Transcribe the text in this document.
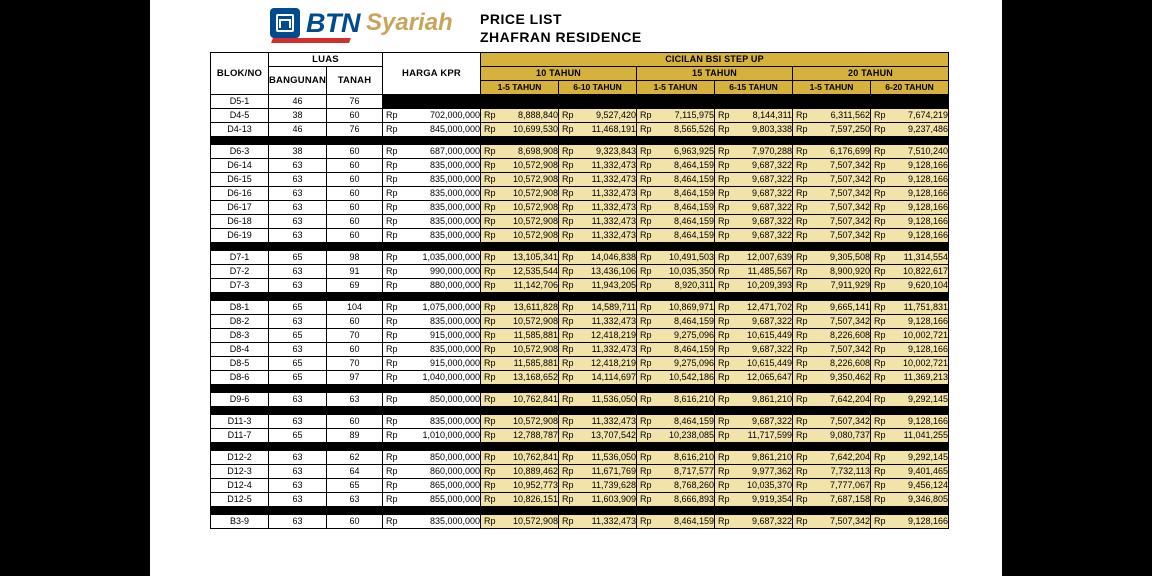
BTN Syariah PRICE LIST
ZHAFRAN RESIDENCE
BLOK/NO	LUAS		HARGA KPR	CICILAN BSI STEP UP					
	BANGUNAN	TANAH		10 TAHUN		15 TAHUN		20 TAHUN	
				1-5 TAHUN	6-10 TAHUN	1-5 TAHUN	6-15 TAHUN	1-5 TAHUN	6-20 TAHUN
D5-1	46	76							
D4-5	38	60	Rp 702,000,000	Rp 8,888,840	Rp 9,527,420	Rp 7,115,975	Rp 8,144,311	Rp 6,311,562	Rp 7,674,219
D4-13	46	76	Rp 845,000,000	Rp 10,699,530	Rp 11,468,191	Rp 8,565,526	Rp 9,803,338	Rp 7,597,250	Rp 9,237,486

D6-3	38	60	Rp 687,000,000	Rp 8,698,908	Rp 9,323,843	Rp 6,963,925	Rp 7,970,288	Rp 6,176,699	Rp 7,510,240
D6-14	63	60	Rp 835,000,000	Rp 10,572,908	Rp 11,332,473	Rp 8,464,159	Rp 9,687,322	Rp 7,507,342	Rp 9,128,166
D6-15	63	60	Rp 835,000,000	Rp 10,572,908	Rp 11,332,473	Rp 8,464,159	Rp 9,687,322	Rp 7,507,342	Rp 9,128,166
D6-16	63	60	Rp 835,000,000	Rp 10,572,908	Rp 11,332,473	Rp 8,464,159	Rp 9,687,322	Rp 7,507,342	Rp 9,128,166
D6-17	63	60	Rp 835,000,000	Rp 10,572,908	Rp 11,332,473	Rp 8,464,159	Rp 9,687,322	Rp 7,507,342	Rp 9,128,166
D6-18	63	60	Rp 835,000,000	Rp 10,572,908	Rp 11,332,473	Rp 8,464,159	Rp 9,687,322	Rp 7,507,342	Rp 9,128,166
D6-19	63	60	Rp 835,000,000	Rp 10,572,908	Rp 11,332,473	Rp 8,464,159	Rp 9,687,322	Rp 7,507,342	Rp 9,128,166

D7-1	65	98	Rp 1,035,000,000	Rp 13,105,341	Rp 14,046,838	Rp 10,491,503	Rp 12,007,639	Rp 9,305,508	Rp 11,314,554
D7-2	63	91	Rp 990,000,000	Rp 12,535,544	Rp 13,436,106	Rp 10,035,350	Rp 11,485,567	Rp 8,900,920	Rp 10,822,617
D7-3	63	69	Rp 880,000,000	Rp 11,142,706	Rp 11,943,205	Rp 8,920,311	Rp 10,209,393	Rp 7,911,929	Rp 9,620,104

D8-1	65	104	Rp 1,075,000,000	Rp 13,611,828	Rp 14,589,711	Rp 10,869,971	Rp 12,471,702	Rp 9,665,141	Rp 11,751,831
D8-2	63	60	Rp 835,000,000	Rp 10,572,908	Rp 11,332,473	Rp 8,464,159	Rp 9,687,322	Rp 7,507,342	Rp 9,128,166
D8-3	65	70	Rp 915,000,000	Rp 11,585,881	Rp 12,418,219	Rp 9,275,096	Rp 10,615,449	Rp 8,226,608	Rp 10,002,721
D8-4	63	60	Rp 835,000,000	Rp 10,572,908	Rp 11,332,473	Rp 8,464,159	Rp 9,687,322	Rp 7,507,342	Rp 9,128,166
D8-5	65	70	Rp 915,000,000	Rp 11,585,881	Rp 12,418,219	Rp 9,275,096	Rp 10,615,449	Rp 8,226,608	Rp 10,002,721
D8-6	65	97	Rp 1,040,000,000	Rp 13,168,652	Rp 14,114,697	Rp 10,542,186	Rp 12,065,647	Rp 9,350,462	Rp 11,369,213

D9-6	63	63	Rp 850,000,000	Rp 10,762,841	Rp 11,536,050	Rp 8,616,210	Rp 9,861,210	Rp 7,642,204	Rp 9,292,145

D11-3	63	60	Rp 835,000,000	Rp 10,572,908	Rp 11,332,473	Rp 8,464,159	Rp 9,687,322	Rp 7,507,342	Rp 9,128,166
D11-7	65	89	Rp 1,010,000,000	Rp 12,788,787	Rp 13,707,542	Rp 10,238,085	Rp 11,717,599	Rp 9,080,737	Rp 11,041,255

D12-2	63	62	Rp 850,000,000	Rp 10,762,841	Rp 11,536,050	Rp 8,616,210	Rp 9,861,210	Rp 7,642,204	Rp 9,292,145
D12-3	63	64	Rp 860,000,000	Rp 10,889,462	Rp 11,671,769	Rp 8,717,577	Rp 9,977,362	Rp 7,732,113	Rp 9,401,465
D12-4	63	65	Rp 865,000,000	Rp 10,952,773	Rp 11,739,628	Rp 8,768,260	Rp 10,035,370	Rp 7,777,067	Rp 9,456,124
D12-5	63	63	Rp 855,000,000	Rp 10,826,151	Rp 11,603,909	Rp 8,666,893	Rp 9,919,354	Rp 7,687,158	Rp 9,346,805

B3-9	63	60	Rp 835,000,000	Rp 10,572,908	Rp 11,332,473	Rp 8,464,159	Rp 9,687,322	Rp 7,507,342	Rp 9,128,166
